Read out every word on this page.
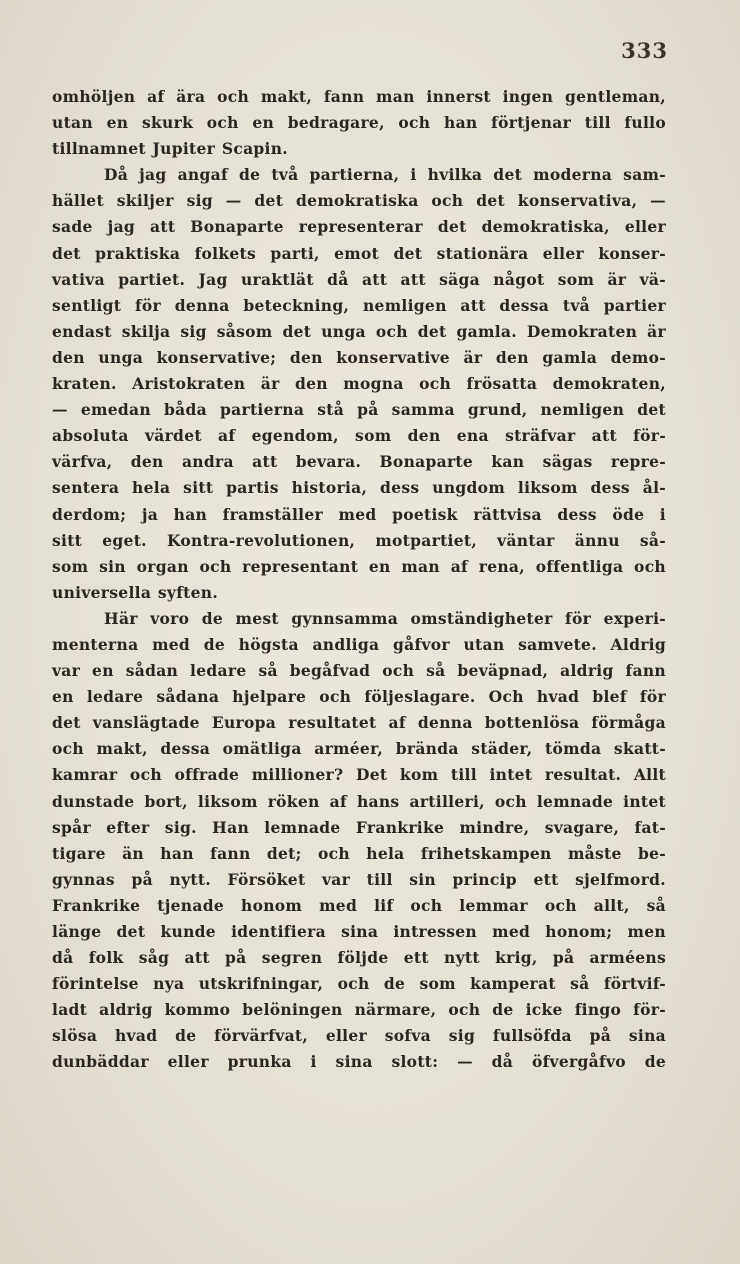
333
omhöljen af ära och makt, fann man innerst ingen gentleman,
utan en skurk och en bedragare, och han förtjenar till fullo
tillnamnet Jupiter Scapin.
Då jag angaf de två partierna, i hvilka det moderna sam-
hället skiljer sig — det demokratiska och det konservativa, —
sade jag att Bonaparte representerar det demokratiska, eller
det praktiska folkets parti, emot det stationära eller konser-
vativa partiet. Jag uraktlät då att att säga något som är vä-
sentligt för denna beteckning, nemligen att dessa två partier
endast skilja sig såsom det unga och det gamla. Demokraten är
den unga konservative; den konservative är den gamla demo-
kraten. Aristokraten är den mogna och frösatta demokraten,
— emedan båda partierna stå på samma grund, nemligen det
absoluta värdet af egendom, som den ena sträfvar att för-
värfva, den andra att bevara. Bonaparte kan sägas repre-
sentera hela sitt partis historia, dess ungdom liksom dess ål-
derdom; ja han framställer med poetisk rättvisa dess öde i
sitt eget. Kontra-revolutionen, motpartiet, väntar ännu så-
som sin organ och representant en man af rena, offentliga och
universella syften.
Här voro de mest gynnsamma omständigheter för experi-
menterna med de högsta andliga gåfvor utan samvete. Aldrig
var en sådan ledare så begåfvad och så beväpnad, aldrig fann
en ledare sådana hjelpare och följeslagare. Och hvad blef för
det vanslägtade Europa resultatet af denna bottenlösa förmåga
och makt, dessa omätliga arméer, brända städer, tömda skatt-
kamrar och offrade millioner? Det kom till intet resultat. Allt
dunstade bort, liksom röken af hans artilleri, och lemnade intet
spår efter sig. Han lemnade Frankrike mindre, svagare, fat-
tigare än han fann det; och hela frihetskampen måste be-
gynnas på nytt. Försöket var till sin princip ett sjelfmord.
Frankrike tjenade honom med lif och lemmar och allt, så
länge det kunde identifiera sina intressen med honom; men
då folk såg att på segren följde ett nytt krig, på arméens
förintelse nya utskrifningar, och de som kamperat så förtvif-
ladt aldrig kommo belöningen närmare, och de icke fingo för-
slösa hvad de förvärfvat, eller sofva sig fullsöfda på sina
dunbäddar eller prunka i sina slott: — då öfvergåfvo de
